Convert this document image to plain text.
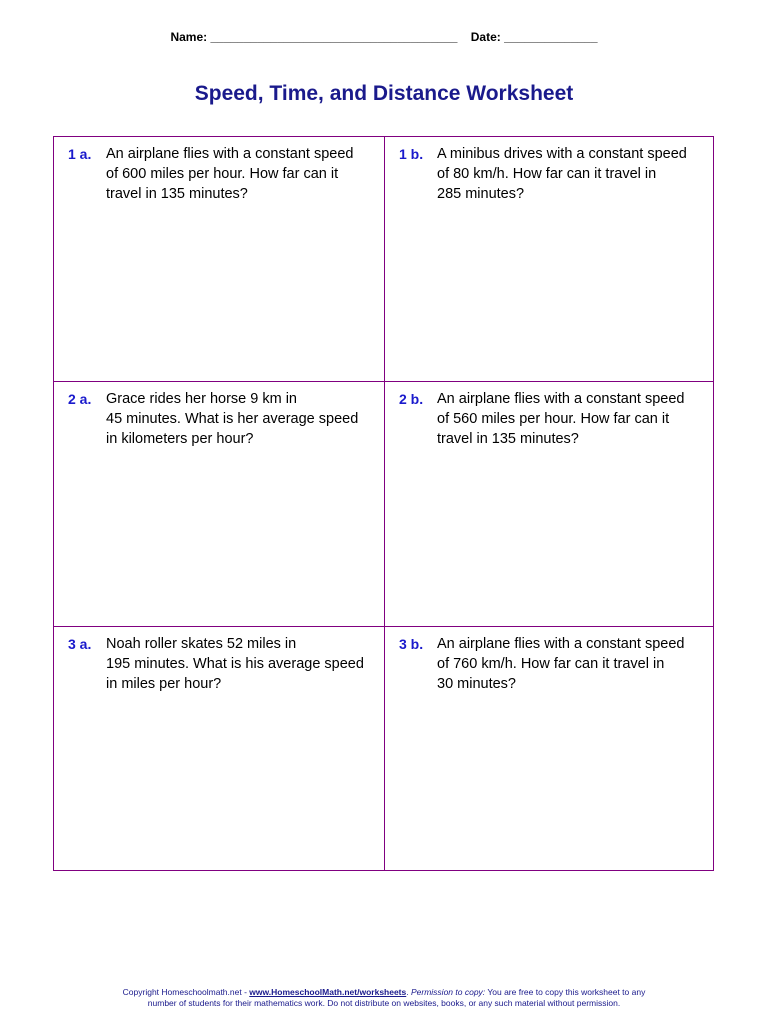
Name: _____________________________________    Date: ______________
Speed, Time, and Distance Worksheet
1 a. An airplane flies with a constant speed
of 600 miles per hour. How far can it
travel in 135 minutes?
1 b. A minibus drives with a constant speed
of 80 km/h. How far can it travel in
285 minutes?
2 a. Grace rides her horse 9 km in
45 minutes. What is her average speed
in kilometers per hour?
2 b. An airplane flies with a constant speed
of 560 miles per hour. How far can it
travel in 135 minutes?
3 a. Noah roller skates 52 miles in
195 minutes. What is his average speed
in miles per hour?
3 b. An airplane flies with a constant speed
of 760 km/h. How far can it travel in
30 minutes?
Copyright Homeschoolmath.net - www.HomeschoolMath.net/worksheets. Permission to copy: You are free to copy this worksheet to any
number of students for their mathematics work. Do not distribute on websites, books, or any such material without permission.
